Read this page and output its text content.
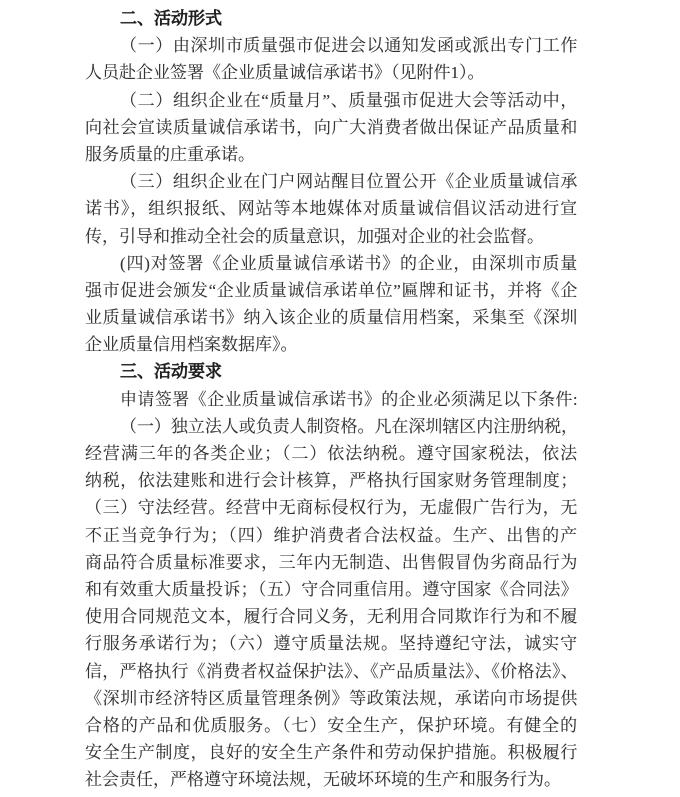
二、活动形式
（一）由深圳市质量强市促进会以通知发函或派出专门工作
人员赴企业签署《企业质量诚信承诺书》（见附件1）。
（二）组织企业在“质量月”、质量强市促进大会等活动中，
向社会宣读质量诚信承诺书，向广大消费者做出保证产品质量和
服务质量的庄重承诺。
（三）组织企业在门户网站醒目位置公开《企业质量诚信承
诺书》，组织报纸、网站等本地媒体对质量诚信倡议活动进行宣
传，引导和推动全社会的质量意识，加强对企业的社会监督。
(四)对签署《企业质量诚信承诺书》的企业，由深圳市质量
强市促进会颁发“企业质量诚信承诺单位”匾牌和证书，并将《企
业质量诚信承诺书》纳入该企业的质量信用档案，采集至《深圳
企业质量信用档案数据库》。
三、活动要求
申请签署《企业质量诚信承诺书》的企业必须满足以下条件:
（一）独立法人或负责人制资格。凡在深圳辖区内注册纳税，
经营满三年的各类企业；（二）依法纳税。遵守国家税法，依法
纳税，依法建账和进行会计核算，严格执行国家财务管理制度；
（三）守法经营。经营中无商标侵权行为，无虚假广告行为，无
不正当竞争行为；（四）维护消费者合法权益。生产、出售的产
商品符合质量标准要求，三年内无制造、出售假冒伪劣商品行为
和有效重大质量投诉；（五）守合同重信用。遵守国家《合同法》
使用合同规范文本，履行合同义务，无利用合同欺诈行为和不履
行服务承诺行为；（六）遵守质量法规。坚持遵纪守法，诚实守
信，严格执行《消费者权益保护法》、《产品质量法》、《价格法》、
《深圳市经济特区质量管理条例》等政策法规，承诺向市场提供
合格的产品和优质服务。（七）安全生产，保护环境。有健全的
安全生产制度，良好的安全生产条件和劳动保护措施。积极履行
社会责任，严格遵守环境法规，无破坏环境的生产和服务行为。
